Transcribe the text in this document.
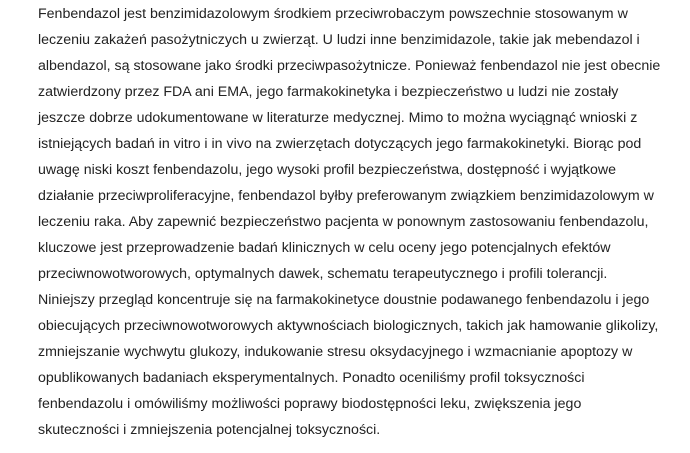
Fenbendazol jest benzimidazolowym środkiem przeciwrobaczym powszechnie stosowanym w
leczeniu zakażeń pasożytniczych u zwierząt. U ludzi inne benzimidazole, takie jak mebendazol i
albendazol, są stosowane jako środki przeciwpasożytnicze. Ponieważ fenbendazol nie jest obecnie
zatwierdzony przez FDA ani EMA, jego farmakokinetyka i bezpieczeństwo u ludzi nie zostały
jeszcze dobrze udokumentowane w literaturze medycznej. Mimo to można wyciągnąć wnioski z
istniejących badań in vitro i in vivo na zwierzętach dotyczących jego farmakokinetyki. Biorąc pod
uwagę niski koszt fenbendazolu, jego wysoki profil bezpieczeństwa, dostępność i wyjątkowe
działanie przeciwproliferacyjne, fenbendazol byłby preferowanym związkiem benzimidazolowym w
leczeniu raka. Aby zapewnić bezpieczeństwo pacjenta w ponownym zastosowaniu fenbendazolu,
kluczowe jest przeprowadzenie badań klinicznych w celu oceny jego potencjalnych efektów
przeciwnowotworowych, optymalnych dawek, schematu terapeutycznego i profili tolerancji.
Niniejszy przegląd koncentruje się na farmakokinetyce doustnie podawanego fenbendazolu i jego
obiecujących przeciwnowotworowych aktywnościach biologicznych, takich jak hamowanie glikolizy,
zmniejszanie wychwytu glukozy, indukowanie stresu oksydacyjnego i wzmacnianie apoptozy w
opublikowanych badaniach eksperymentalnych. Ponadto oceniliśmy profil toksyczności
fenbendazolu i omówiliśmy możliwości poprawy biodostępności leku, zwiększenia jego
skuteczności i zmniejszenia potencjalnej toksyczności.
